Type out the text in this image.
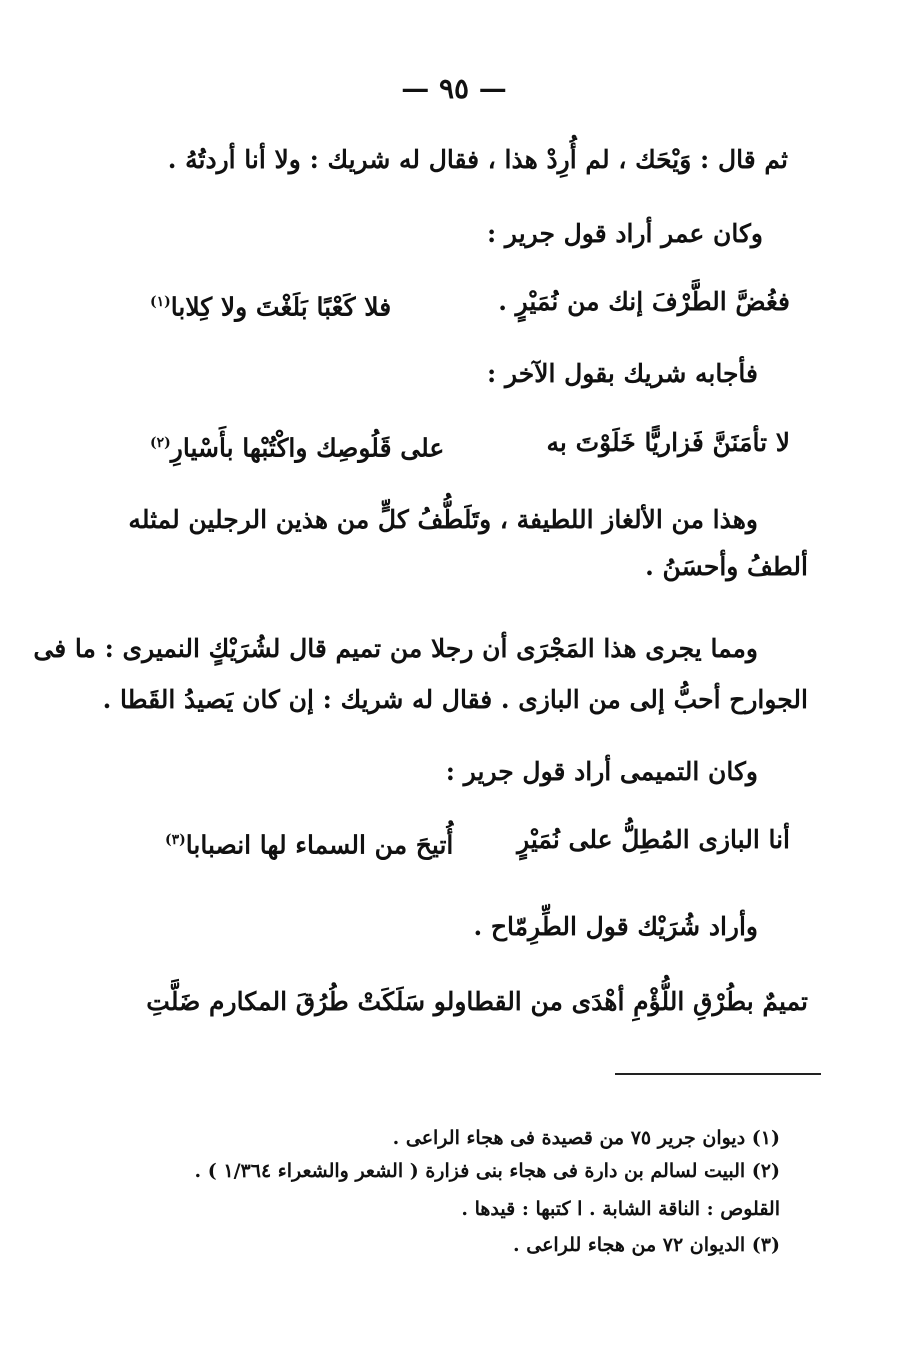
— ٩٥ —
ثم قال : وَيْحَك ، لم أُرِدْ هذا ، فقال له شريك : ولا أنا أردتُهُ .
وكان عمر أراد قول جرير :
فغُضَّ الطَّرْفَ إنك من نُمَيْرٍ .
فلا كَعْبًا بَلَغْتَ ولا كِلابا$^{(١)}$
فأجابه شريك بقول الآخر :
لا تأمَنَنَّ فَزاريًّا خَلَوْتَ به
على قَلُوصِك واكْتُبْها بأَسْيارِ$^{(٢)}$
وهذا من الألغاز اللطيفة ، وتَلَطُّفُ كلٍّ من هذين الرجلين لمثله
ألطفُ وأحسَنُ .
ومما يجرى هذا المَجْرَى أن رجلا من تميم قال لشُرَيْكٍ النميرى : ما فى
الجوارح أحبُّ إلى من البازى . فقال له شريك : إن كان يَصيدُ القَطا .
وكان التميمى أراد قول جرير :
أنا البازى المُطِلُّ على نُمَيْرٍ
أُتيحَ من السماء لها انصبابا$^{(٣)}$
وأراد شُرَيْك قول الطِّرِمّاح .
تميمٌ بطُرْقِ اللُّؤْمِ أهْدَى من القطا
ولو سَلَكَتْ طُرُقَ المكارم ضَلَّتِ
(١) ديوان جرير ٧٥ من قصيدة فى هجاء الراعى .
(٢) البيت لسالم بن دارة فى هجاء بنى فزارة ( الشعر والشعراء ١/٣٦٤ ) .
القلوص : الناقة الشابة . ا كتبها : قيدها .
(٣) الديوان ٧٢ من هجاء للراعى .
